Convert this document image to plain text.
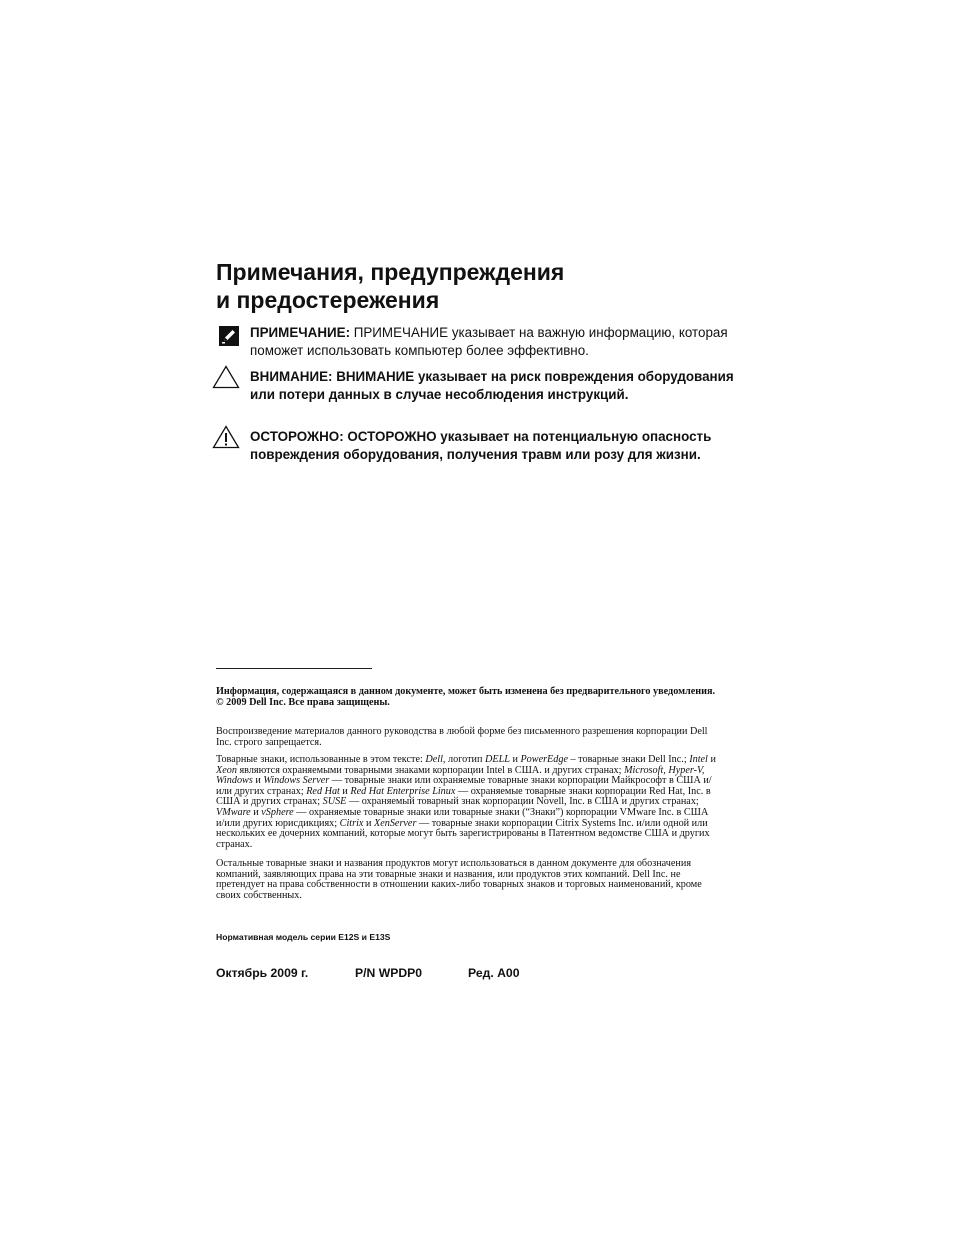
Примечания, предупреждения
и предостережения
ПРИМЕЧАНИЕ: ПРИМЕЧАНИЕ указывает на важную информацию, которая поможет использовать компьютер более эффективно.
ВНИМАНИЕ: ВНИМАНИЕ указывает на риск повреждения оборудования или потери данных в случае несоблюдения инструкций.
ОСТОРОЖНО: ОСТОРОЖНО указывает на потенциальную опасность повреждения оборудования, получения травм или розу для жизни.

Информация, содержащаяся в данном документе, может быть изменена без предварительного уведомления.
© 2009 Dell Inc. Все права защищены.

Воспроизведение материалов данного руководства в любой форме без письменного разрешения корпорации Dell Inc. строго запрещается.

Товарные знаки, использованные в этом тексте: Dell, логотип DELL и PowerEdge – товарные знаки Dell Inc.; Intel и Xeon являются охраняемыми товарными знаками корпорации Intel в США. и других странах; Microsoft, Hyper-V, Windows и Windows Server — товарные знаки или охраняемые товарные знаки корпорации Майкрософт в США и/или других странах; Red Hat и Red Hat Enterprise Linux — охраняемые товарные знаки корпорации Red Hat, Inc. в США и других странах; SUSE — охраняемый товарный знак корпорации Novell, Inc. в США и других странах; VMware и vSphere — охраняемые товарные знаки или товарные знаки (“Знаки”) корпорации VMware Inc. в США и/или других юрисдикциях; Citrix и XenServer — товарные знаки корпорации Citrix Systems Inc. и/или одной или нескольких ее дочерних компаний, которые могут быть зарегистрированы в Патентном ведомстве США и других странах.

Остальные товарные знаки и названия продуктов могут использоваться в данном документе для обозначения компаний, заявляющих права на эти товарные знаки и названия, или продуктов этих компаний. Dell Inc. не претендует на права собственности в отношении каких-либо товарных знаков и торговых наименований, кроме своих собственных.

Нормативная модель серии E12S и E13S
Октябрь 2009 г.	P/N WPDP0	Ред. A00
